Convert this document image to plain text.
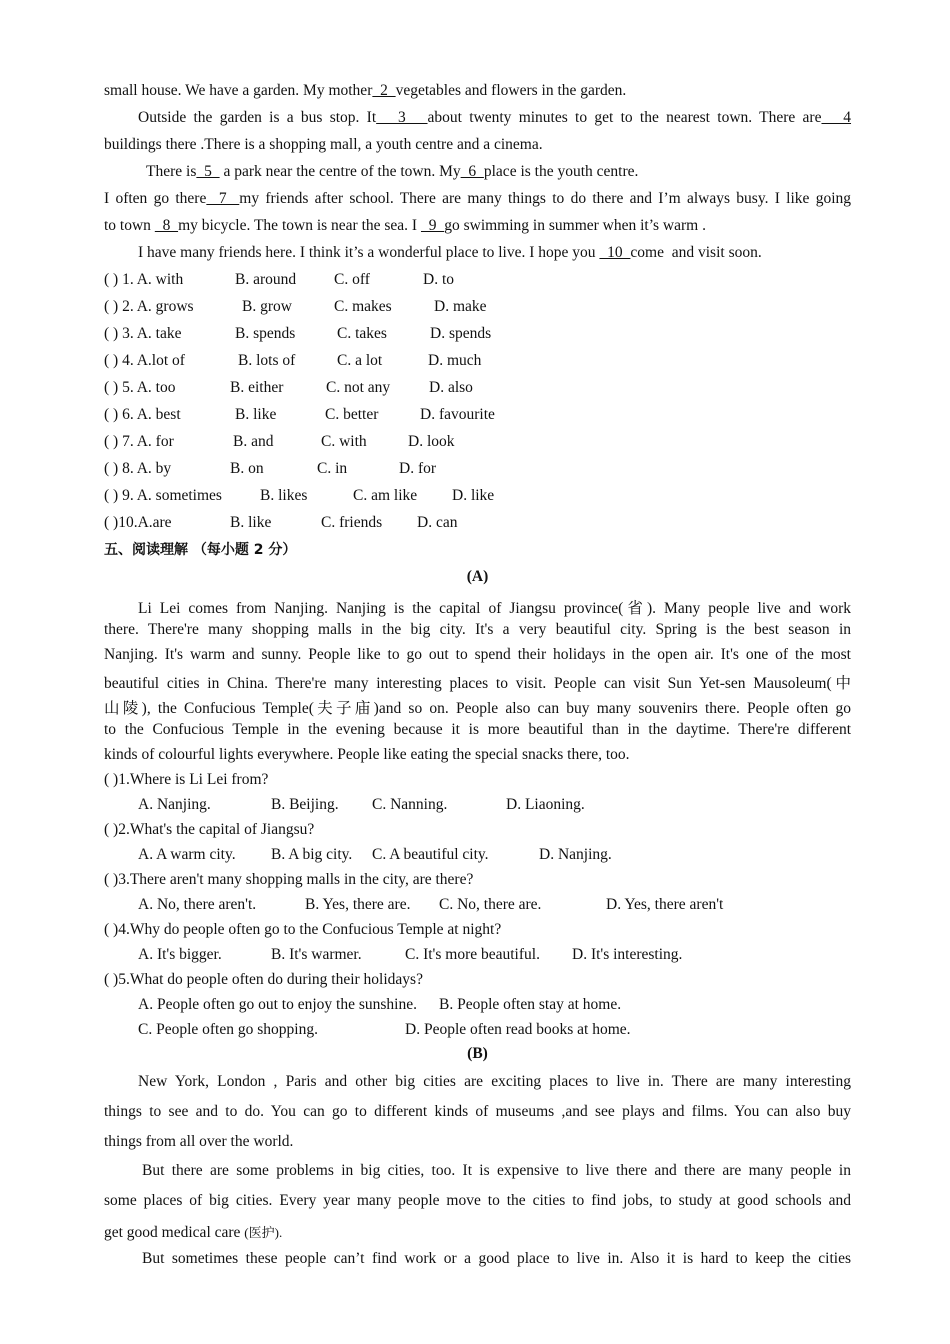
small house. We have a garden. My mother  2  vegetables and flowers in the garden.
Outside the garden is a bus stop. It   3   about twenty minutes to get to the nearest town. There are   4
buildings there .There is a shopping mall, a youth centre and a cinema.
There is  5   a park near the centre of the town. My  6  place is the youth centre.
I often go there  7  my friends after school. There are many things to do there and I’m always busy. I like going
to town   8  my bicycle. The town is near the sea. I   9  go swimming in summer when it’s warm .
I have many friends here. I think it’s a wonderful place to live. I hope you   10  come  and visit soon.
( ) 1. A. with	B. around C. off	D. to
( ) 2. A. grows	B. grow	C. makes	D. make
( ) 3. A. take	B. spends	C. takes	D. spends
( ) 4. A.lot of	B. lots of	C. a lot	D. much
( ) 5. A. too	B. either	C. not any	D. also
( ) 6. A. best	B. like	C. better	D. favourite
( ) 7. A. for	B. and	C. with	D. look
( ) 8. A. by	B. on	C. in	D. for
( ) 9. A. sometimes B. likes	C. am like D. like
( )10.A.are	B. like	C. friends D. can
五、阅读理解 （每小题 2 分）
(A)
Li Lei comes from Nanjing. Nanjing is the capital of Jiangsu province(省). Many people live and work
there. There're many shopping malls in the big city. It's a very beautiful city. Spring is the best season in
Nanjing. It's warm and sunny. People like to go out to spend their holidays in the open air. It's one of the most
beautiful cities in China. There're many interesting places to visit. People can visit Sun Yet-sen Mausoleum(中
山陵), the Confucious Temple(夫子庙)and so on. People also can buy many souvenirs there. People often go
to the Confucious Temple in the evening because it is more beautiful than in the daytime. There're different
kinds of colourful lights everywhere. People like eating the special snacks there, too.
( )1.Where is Li Lei from?
A. Nanjing.	B. Beijing. C. Nanning.	D. Liaoning.
( )2.What's the capital of Jiangsu?
A. A warm city. B. A big city. C. A beautiful city.	D. Nanjing.
( )3.There aren't many shopping malls in the city, are there?
A. No, there aren't.	B. Yes, there are. C. No, there are.	D. Yes, there aren't
( )4.Why do people often go to the Confucious Temple at night?
A. It's bigger.	B. It's warmer.	C. It's more beautiful. D. It's interesting.
( )5.What do people often do during their holidays?
A. People often go out to enjoy the sunshine. B. People often stay at home.
C. People often go shopping.	D. People often read books at home.
(B)
New York, London , Paris and other big cities are exciting places to live in. There are many interesting
things to see and to do. You can go to different kinds of museums ,and see plays and films. You can also buy
things from all over the world.
But there are some problems in big cities, too. It is expensive to live there and there are many people in
some places of big cities. Every year many people move to the cities to find jobs, to study at good schools and
get good medical care (医护).
But sometimes these people can’t find work or a good place to live in. Also it is hard to keep the cities
